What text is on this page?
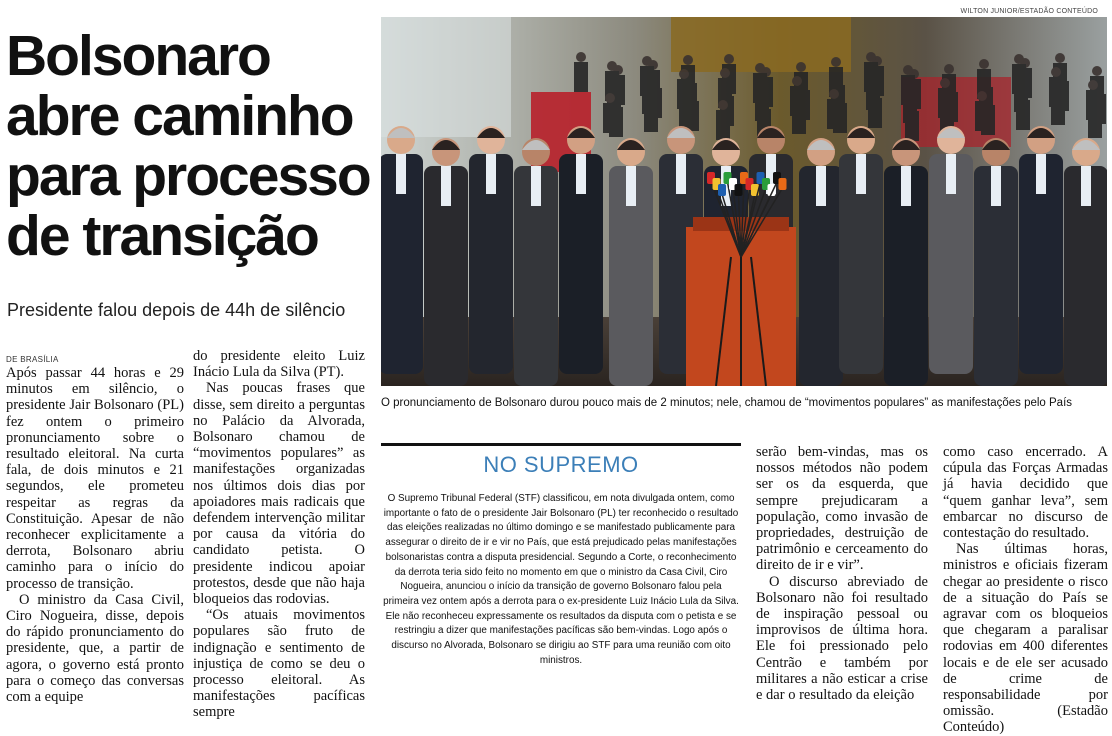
Bolsonaro abre caminho para processo de transição
Presidente falou depois de 44h de silêncio
WILTON JUNIOR/ESTADÃO CONTEÚDO
O pronunciamento de Bolsonaro durou pouco mais de 2 minutos; nele, chamou de “movimentos populares” as manifestações pelo País
DE BRASÍLIA

Após passar 44 horas e 29 minutos em silêncio, o presidente Jair Bolsonaro (PL) fez ontem o primeiro pronunciamento sobre o resultado eleitoral. Na curta fala, de dois minutos e 21 segundos, ele prometeu respeitar as regras da Constituição. Apesar de não reconhecer explicitamente a derrota, Bolsonaro abriu caminho para o início do processo de transição.

O ministro da Casa Civil, Ciro Nogueira, disse, depois do rápido pronunciamento do presidente, que, a partir de agora, o governo está pronto para o começo das conversas com a equipe

do presidente eleito Luiz Inácio Lula da Silva (PT).

Nas poucas frases que disse, sem direito a perguntas no Palácio da Alvorada, Bolsonaro chamou de “movimentos populares” as manifestações organizadas nos últimos dois dias por apoiadores mais radicais que defendem intervenção militar por causa da vitória do candidato petista. O presidente indicou apoiar protestos, desde que não haja bloqueios das rodovias.

“Os atuais movimentos populares são fruto de indignação e sentimento de injustiça de como se deu o processo eleitoral. As manifestações pacíficas sempre

NO SUPREMO
O Supremo Tribunal Federal (STF) classificou, em nota divulgada ontem, como importante o fato de o presidente Jair Bolsonaro (PL) ter reconhecido o resultado das eleições realizadas no último domingo e se manifestado publicamente para assegurar o direito de ir e vir no País, que está prejudicado pelas manifestações bolsonaristas contra a disputa presidencial. Segundo a Corte, o reconhecimento da derrota teria sido feito no momento em que o ministro da Casa Civil, Ciro Nogueira, anunciou o início da transição de governo Bolsonaro falou pela primeira vez ontem após a derrota para o ex-presidente Luiz Inácio Lula da Silva. Ele não reconheceu expressamente os resultados da disputa com o petista e se restringiu a dizer que manifestações pacíficas são bem-vindas. Logo após o discurso no Alvorada, Bolsonaro se dirigiu ao STF para uma reunião com oito ministros.

serão bem-vindas, mas os nossos métodos não podem ser os da esquerda, que sempre prejudicaram a população, como invasão de propriedades, destruição de patrimônio e cerceamento do direito de ir e vir”.

O discurso abreviado de Bolsonaro não foi resultado de inspiração pessoal ou improvisos de última hora. Ele foi pressionado pelo Centrão e também por militares a não esticar a crise e dar o resultado da eleição

como caso encerrado. A cúpula das Forças Armadas já havia decidido que “quem ganhar leva”, sem embarcar no discurso de contestação do resultado.

Nas últimas horas, ministros e oficiais fizeram chegar ao presidente o risco de a situação do País se agravar com os bloqueios que chegaram a paralisar rodovias em 400 diferentes locais e de ele ser acusado de crime de responsabilidade por omissão. (Estadão Conteúdo)
